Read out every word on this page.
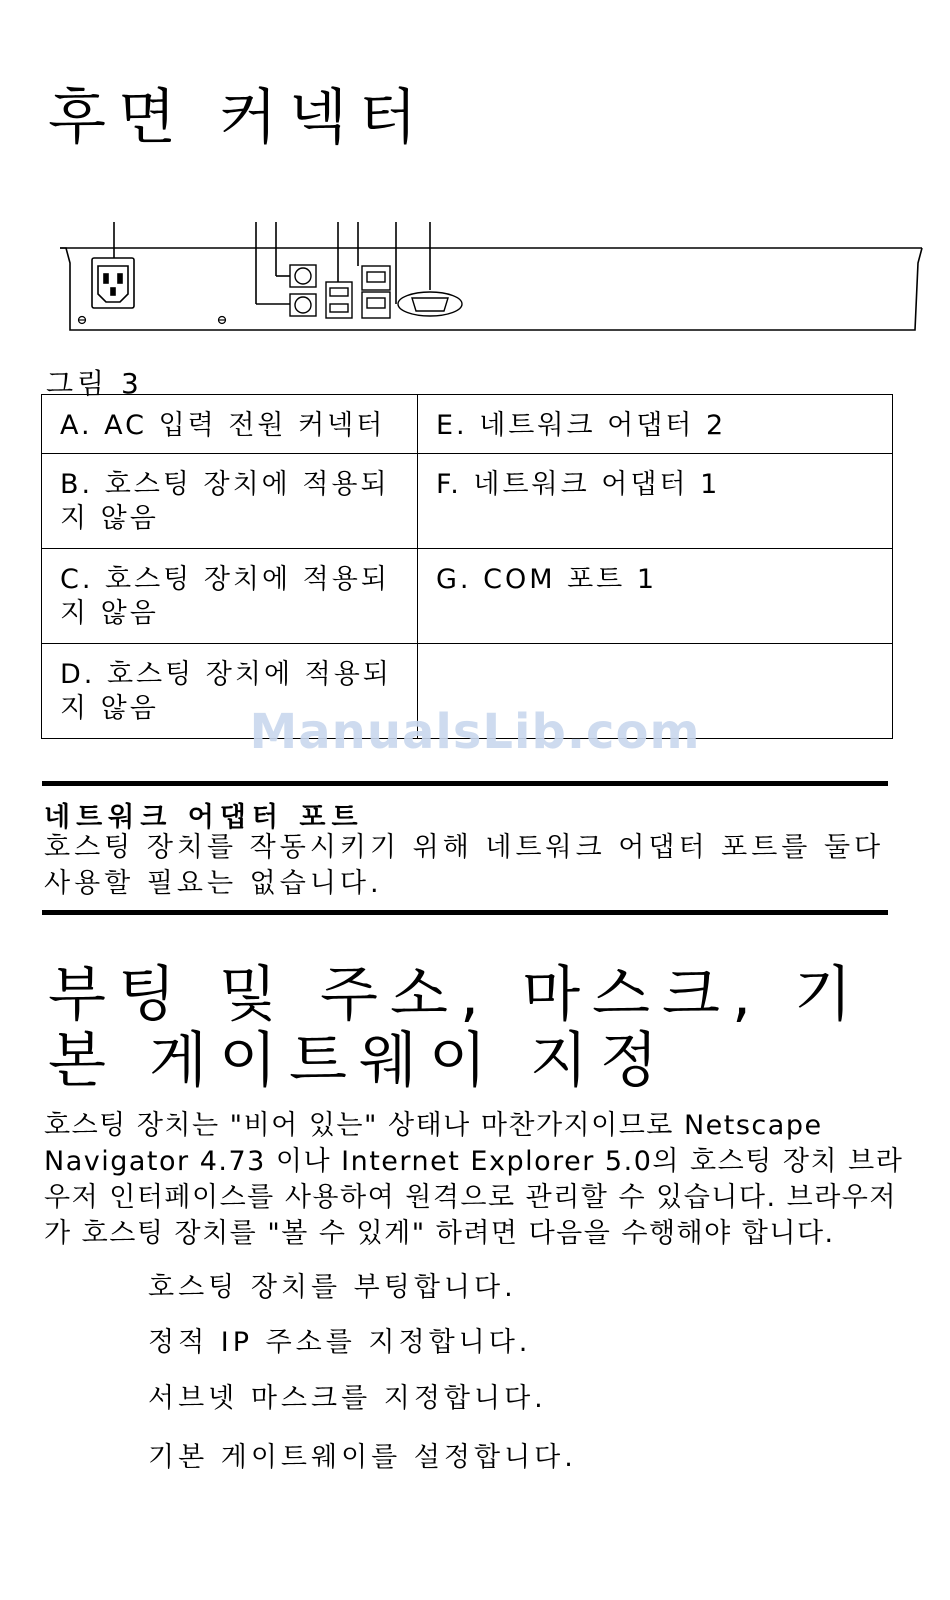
후면 커넥터
그림 3
A. AC 입력 전원 커넥터	E. 네트워크 어댑터 2
B. 호스팅 장치에 적용되지 않음	F. 네트워크 어댑터 1
C. 호스팅 장치에 적용되지 않음	G. COM 포트 1
D. 호스팅 장치에 적용되지 않음		ManualsLib.com
네트워크 어댑터 포트
호스팅 장치를 작동시키기 위해 네트워크 어댑터 포트를 둘다 사용할 필요는 없습니다.
부팅 및 주소, 마스크, 기본 게이트웨이 지정
호스팅 장치는 "비어 있는" 상태나 마찬가지이므로 Netscape Navigator 4.73 이나 Internet Explorer 5.0의 호스팅 장치 브라우저 인터페이스를 사용하여 원격으로 관리할 수 있습니다. 브라우저가 호스팅 장치를 "볼 수 있게" 하려면 다음을 수행해야 합니다.
호스팅 장치를 부팅합니다.
정적 IP 주소를 지정합니다.
서브넷 마스크를 지정합니다.
기본 게이트웨이를 설정합니다.
